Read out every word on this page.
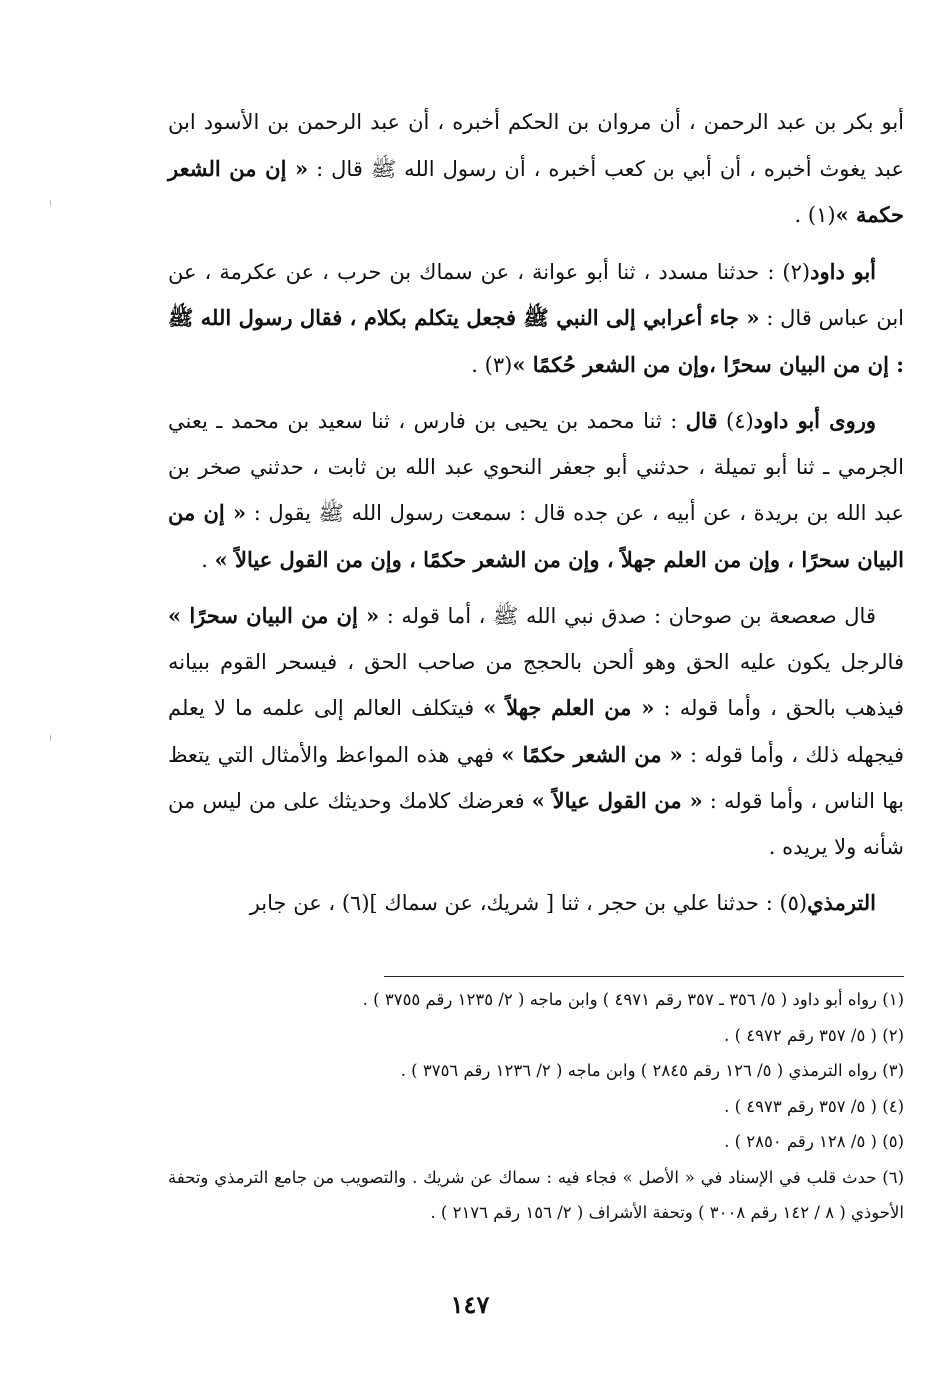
أبو بكر بن عبد الرحمن ، أن مروان بن الحكم أخبره ، أن عبد الرحمن بن الأسود ابن عبد يغوث أخبره ، أن أبي بن كعب أخبره ، أن رسول الله ﷺ قال : « إن من الشعر حكمة »(١) .

أبو داود(٢) : حدثنا مسدد ، ثنا أبو عوانة ، عن سماك بن حرب ، عن عكرمة ، عن ابن عباس قال : « جاء أعرابي إلى النبي ﷺ فجعل يتكلم بكلام ، فقال رسول الله ﷺ : إن من البيان سحرًا ،وإن من الشعر حُكمًا »(٣) .

وروى أبو داود(٤) قال : ثنا محمد بن يحيى بن فارس ، ثنا سعيد بن محمد ـ يعني الجرمي ـ ثنا أبو تميلة ، حدثني أبو جعفر النحوي عبد الله بن ثابت ، حدثني صخر بن عبد الله بن بريدة ، عن أبيه ، عن جده قال : سمعت رسول الله ﷺ يقول : « إن من البيان سحرًا ، وإن من العلم جهلاً ، وإن من الشعر حكمًا ، وإن من القول عيالاً » .

قال صعصعة بن صوحان : صدق نبي الله ﷺ ، أما قوله : « إن من البيان سحرًا » فالرجل يكون عليه الحق وهو ألحن بالحجج من صاحب الحق ، فيسحر القوم ببيانه فيذهب بالحق ، وأما قوله : « من العلم جهلاً » فيتكلف العالم إلى علمه ما لا يعلم فيجهله ذلك ، وأما قوله : « من الشعر حكمًا » فهي هذه المواعظ والأمثال التي يتعظ بها الناس ، وأما قوله : « من القول عيالاً » فعرضك كلامك وحديثك على من ليس من شأنه ولا يريده .

الترمذي(٥) : حدثنا علي بن حجر ، ثنا [ شريك، عن سماك ](٦) ، عن جابر

(١) رواه أبو داود ( ٥/ ٣٥٦ ـ ٣٥٧ رقم ٤٩٧١ ) وابن ماجه ( ٢/ ١٢٣٥ رقم ٣٧٥٥ ) .

(٢) ( ٥/ ٣٥٧ رقم ٤٩٧٢ ) .

(٣) رواه الترمذي ( ٥/ ١٢٦ رقم ٢٨٤٥ ) وابن ماجه ( ٢/ ١٢٣٦ رقم ٣٧٥٦ ) .

(٤) ( ٥/ ٣٥٧ رقم ٤٩٧٣ ) .

(٥) ( ٥/ ١٢٨ رقم ٢٨٥٠ ) .

(٦) حدث قلب في الإسناد في « الأصل » فجاء فيه : سماك عن شريك . والتصويب من جامع الترمذي وتحفة الأحوذي ( ٨ / ١٤٢ رقم ٣٠٠٨ ) وتحفة الأشراف ( ٢/ ١٥٦ رقم ٢١٧٦ ) .

١٤٧
